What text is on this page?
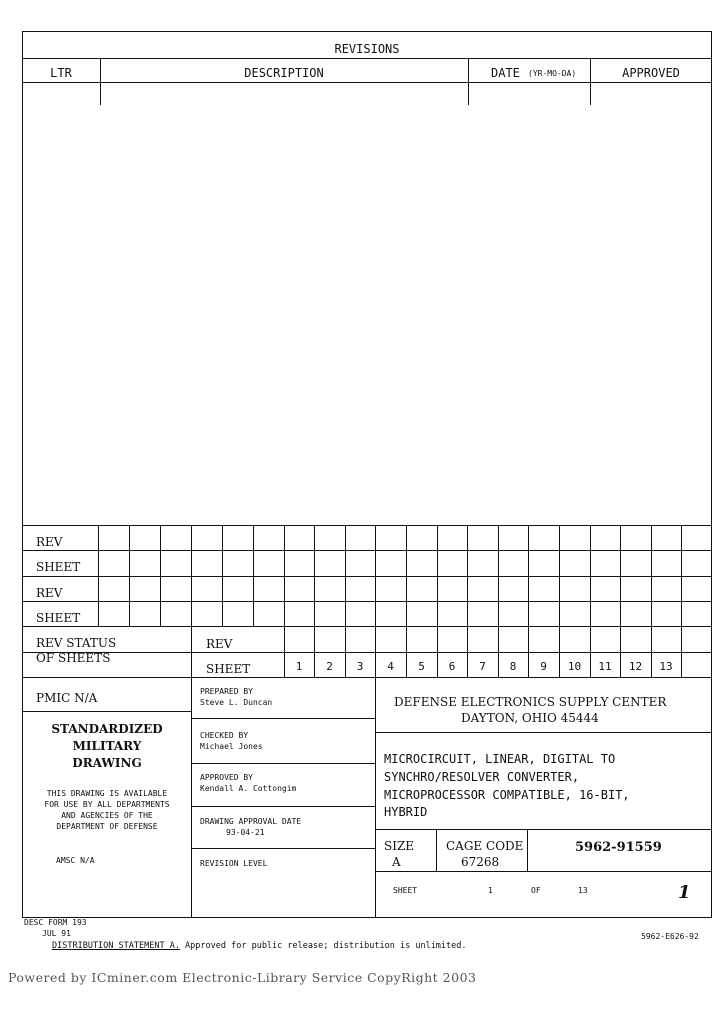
REVISIONS
LTR	DESCRIPTION	DATE (YR-MO-DA)	APPROVED
REV
SHEET
REV
SHEET
REV STATUS
OF SHEETS
REV
SHEET	1	2	3	4	5	6	7	8	9	10	11	12	13
PMIC N/A
STANDARDIZED
MILITARY
DRAWING
THIS DRAWING IS AVAILABLE
FOR USE BY ALL DEPARTMENTS
AND AGENCIES OF THE
DEPARTMENT OF DEFENSE
AMSC N/A
PREPARED BY
Steve L. Duncan
CHECKED BY
Michael Jones
APPROVED BY
Kendall A. Cottongim
DRAWING APPROVAL DATE
93-04-21
REVISION LEVEL
DEFENSE ELECTRONICS SUPPLY CENTER
DAYTON, OHIO 45444
MICROCIRCUIT, LINEAR, DIGITAL TO
SYNCHRO/RESOLVER CONVERTER,
MICROPROCESSOR COMPATIBLE, 16-BIT,
HYBRID
SIZE
A
CAGE CODE
67268
5962-91559
SHEET	1	OF	13	1
DESC FORM 193
JUL 91
DISTRIBUTION STATEMENT A. Approved for public release; distribution is unlimited.
5962-E626-92
Powered by ICminer.com Electronic-Library Service CopyRight 2003
